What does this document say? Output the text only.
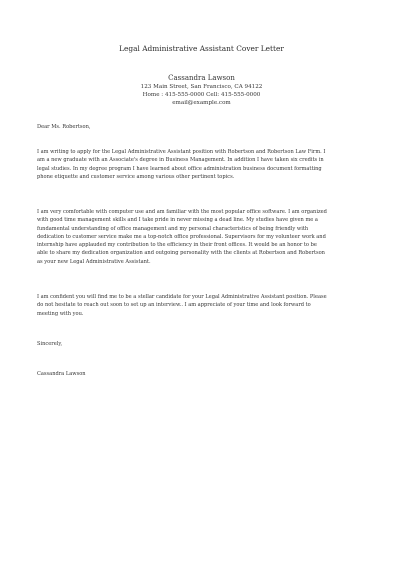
Legal Administrative Assistant Cover Letter
Cassandra Lawson
123 Main Street, San Francisco, CA 94122
Home : 415-555-0000 Cell: 415-555-0000
email@example.com
Dear Ms. Robertson,
I am writing to apply for the Legal Administrative Assistant position with Robertson and Robertson Law Firm. I
am a new graduate with an Associate's degree in Business Management. In addition I have taken six credits in
legal studies. In my degree program I have learned about office administration business document formatting
phone etiquette and customer service among various other pertinent topics.
I am very comfortable with computer use and am familiar with the most popular office software. I am organized
with good time management skills and I take pride in never missing a dead line. My studies have given me a
fundamental understanding of office management and my personal characteristics of being friendly with
dedication to customer service make me a top-notch office professional. Supervisors for my volunteer work and
internship have applauded my contribution to the efficiency in their front offices. It would be an honor to be
able to share my dedication organization and outgoing personality with the clients at Robertson and Robertson
as your new Legal Administrative Assistant.
I am confident you will find me to be a stellar candidate for your Legal Administrative Assistant position. Please
do not hesitate to reach out soon to set up an interview.. I am appreciate of your time and look forward to
meeting with you.
Sincerely,
Cassandra Lawson
